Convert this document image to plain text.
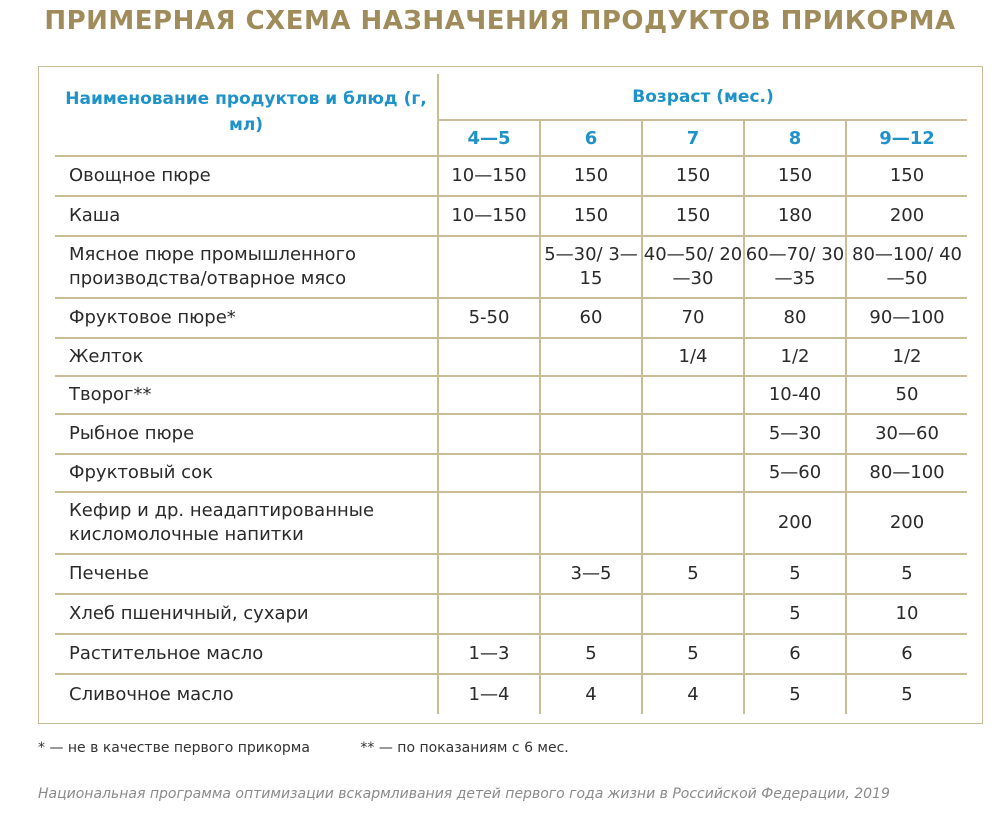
ПРИМЕРНАЯ СХЕМА НАЗНАЧЕНИЯ ПРОДУКТОВ ПРИКОРМА
Наименование продуктов и блюд (г, мл)	Возраст (мес.)				
	4—5	6	7	8	9—12
Овощное пюре	10—150	150	150	150	150
Каша	10—150	150	150	180	200
Мясное пюре промышленного производства/отварное мясо		5—30/ 3—15	40—50/ 20—30	60—70/ 30—35	80—100/ 40—50
Фруктовое пюре*	5-50	60	70	80	90—100
Желток			1/4	1/2	1/2
Творог**				10-40	50
Рыбное пюре				5—30	30—60
Фруктовый сок				5—60	80—100
Кефир и др. неадаптированные кисломолочные напитки				200	200
Печенье		3—5	5	5	5
Хлеб пшеничный, сухари				5	10
Растительное масло	1—3	5	5	6	6
Сливочное масло	1—4	4	4	5	5
* — не в качестве первого прикорма	** — по показаниям с 6 мес.
Национальная программа оптимизации вскармливания детей первого года жизни в Российской Федерации, 2019
